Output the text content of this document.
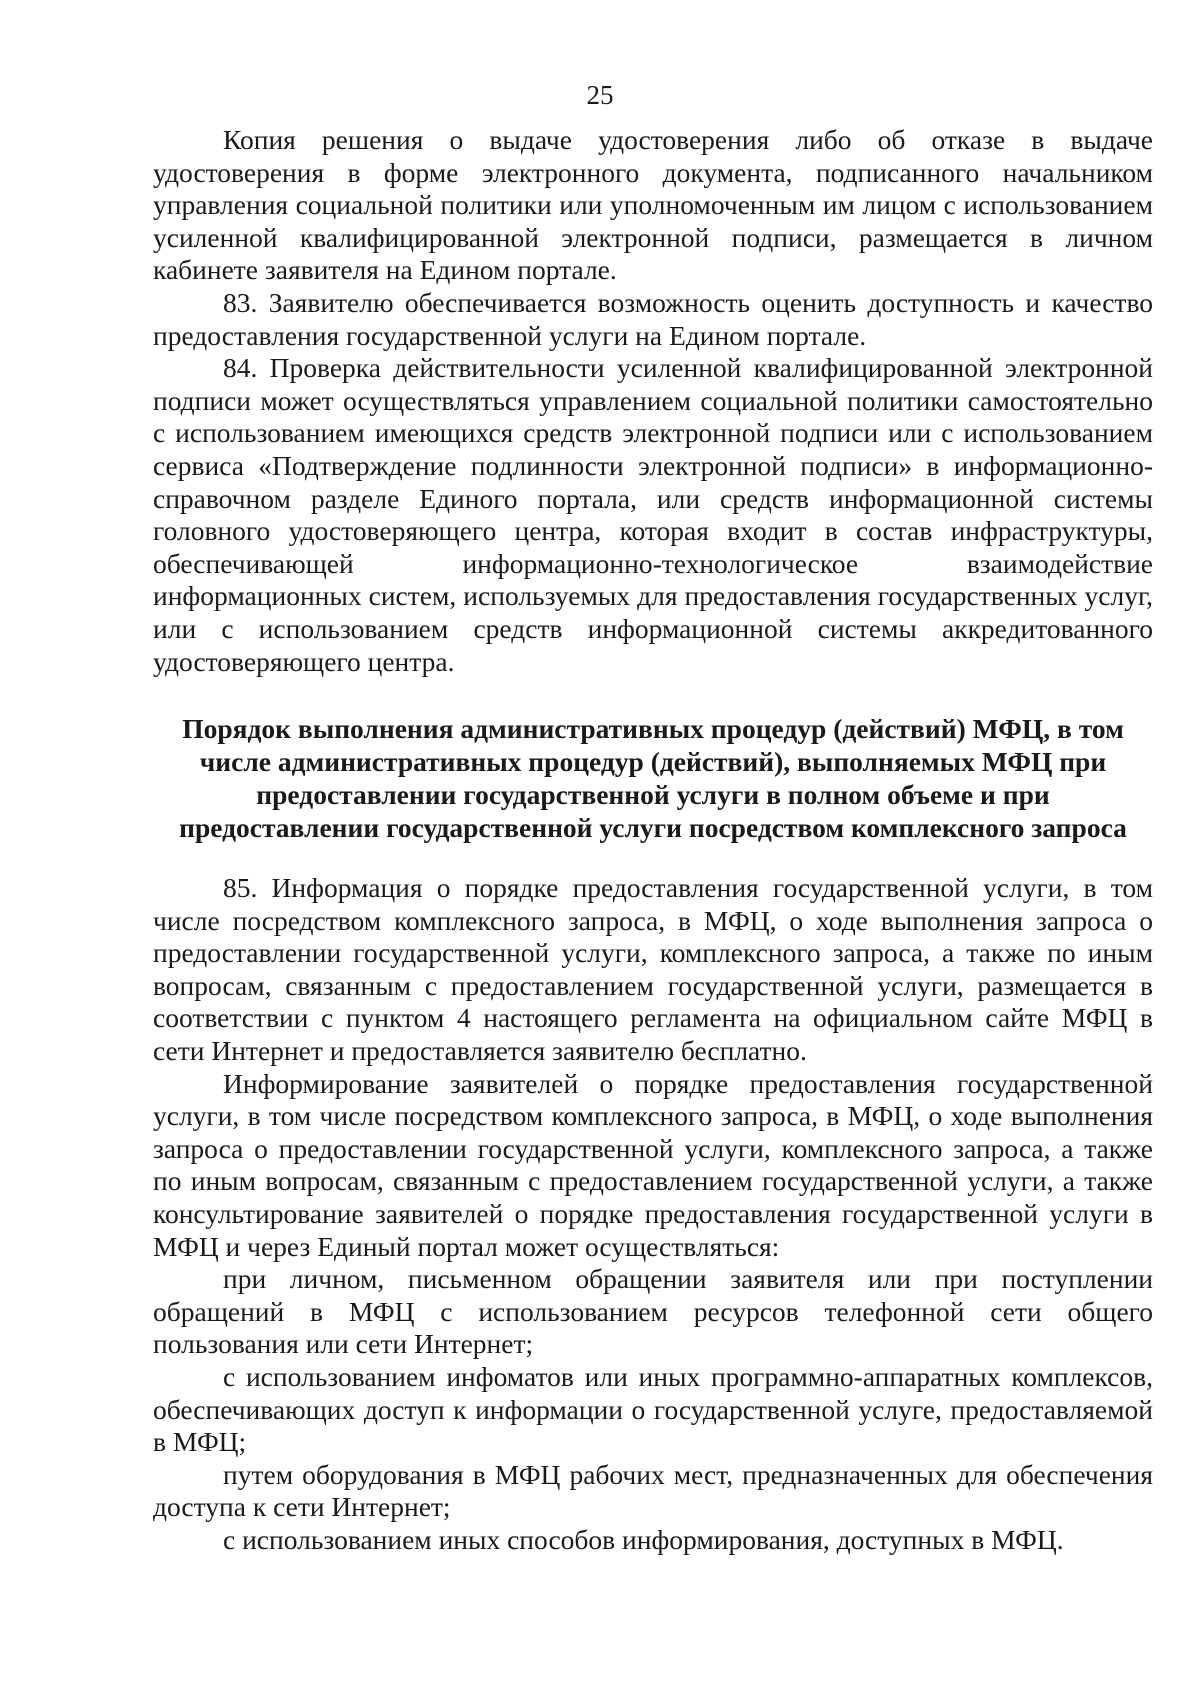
25

Копия решения о выдаче удостоверения либо об отказе в выдаче удостоверения в форме электронного документа, подписанного начальником управления социальной политики или уполномоченным им лицом с использованием усиленной квалифицированной электронной подписи, размещается в личном кабинете заявителя на Едином портале.

83. Заявителю обеспечивается возможность оценить доступность и качество предоставления государственной услуги на Едином портале.

84. Проверка действительности усиленной квалифицированной электронной подписи может осуществляться управлением социальной политики самостоятельно с использованием имеющихся средств электронной подписи или с использованием сервиса «Подтверждение подлинности электронной подписи» в информационно-справочном разделе Единого портала, или средств информационной системы головного удостоверяющего центра, которая входит в состав инфраструктуры, обеспечивающей информационно-технологическое взаимодействие информационных систем, используемых для предоставления государственных услуг, или с использованием средств информационной системы аккредитованного удостоверяющего центра.

Порядок выполнения административных процедур (действий) МФЦ, в том числе административных процедур (действий), выполняемых МФЦ при предоставлении государственной услуги в полном объеме и при предоставлении государственной услуги посредством комплексного запроса

85. Информация о порядке предоставления государственной услуги, в том числе посредством комплексного запроса, в МФЦ, о ходе выполнения запроса о предоставлении государственной услуги, комплексного запроса, а также по иным вопросам, связанным с предоставлением государственной услуги, размещается в соответствии с пунктом 4 настоящего регламента на официальном сайте МФЦ в сети Интернет и предоставляется заявителю бесплатно.

Информирование заявителей о порядке предоставления государственной услуги, в том числе посредством комплексного запроса, в МФЦ, о ходе выполнения запроса о предоставлении государственной услуги, комплексного запроса, а также по иным вопросам, связанным с предоставлением государственной услуги, а также консультирование заявителей о порядке предоставления государственной услуги в МФЦ и через Единый портал может осуществляться:

при личном, письменном обращении заявителя или при поступлении обращений в МФЦ с использованием ресурсов телефонной сети общего пользования или сети Интернет;

с использованием инфоматов или иных программно-аппаратных комплексов, обеспечивающих доступ к информации о государственной услуге, предоставляемой в МФЦ;

путем оборудования в МФЦ рабочих мест, предназначенных для обеспечения доступа к сети Интернет;

с использованием иных способов информирования, доступных в МФЦ.
